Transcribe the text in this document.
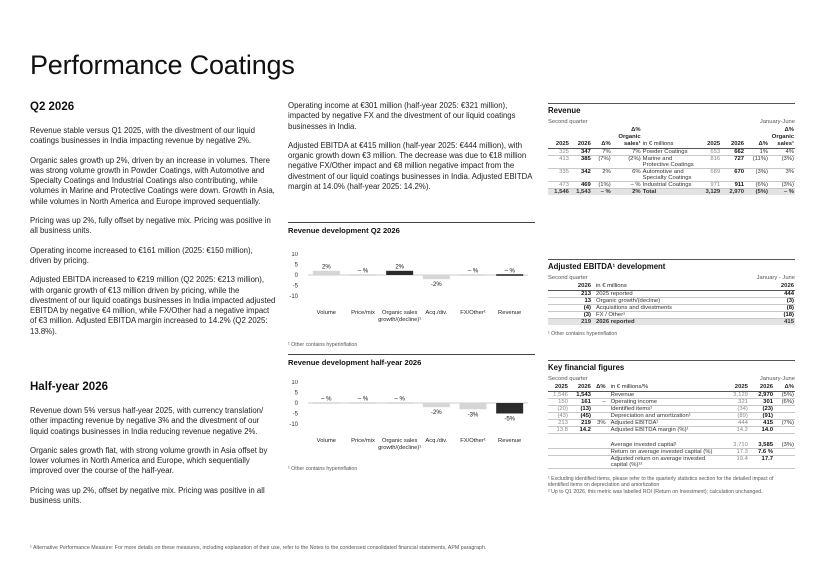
Performance Coatings
Q2 2026

Revenue stable versus Q1 2025, with the divestment of our liquid coatings businesses in India impacting revenue by negative 2%.

Organic sales growth up 2%, driven by an increase in volumes. There was strong volume growth in Powder Coatings, with Automotive and Specialty Coatings and Industrial Coatings also contributing, while volumes in Marine and Protective Coatings were down. Growth in Asia, while volumes in North America and Europe improved sequentially.

Pricing was up 2%, fully offset by negative mix. Pricing was positive in all business units.

Operating income increased to €161 million (2025: €150 million), driven by pricing.

Adjusted EBITDA increased to €219 million (Q2 2025: €213 million), with organic growth of €13 million driven by pricing, while the divestment of our liquid coatings businesses in India impacted adjusted EBITDA by negative €4 million, while FX/Other had a negative impact of €3 million. Adjusted EBITDA margin increased to 14.2% (Q2 2025: 13.8%).

Half-year 2026

Revenue down 5% versus half-year 2025, with currency translation/ other impacting revenue by negative 3% and the divestment of our liquid coatings businesses in India reducing revenue negative 2%.

Organic sales growth flat, with strong volume growth in Asia offset by lower volumes in North America and Europe, which sequentially improved over the course of the half-year.

Pricing was up 2%, offset by negative mix. Pricing was positive in all business units.

Operating income at €301 million (half-year 2025: €321 million), impacted by negative FX and the divestment of our liquid coatings businesses in India.

Adjusted EBITDA at €415 million (half-year 2025: €444 million), with organic growth down €3 million. The decrease was due to €18 million negative FX/Other impact and €8 million negative impact from the divestment of our liquid coatings businesses in India. Adjusted EBITDA margin at 14.0% (half-year 2025: 14.2%).

Revenue development Q2 2026
10
5
0
-5
-10
2%
Volume
– %
Price/mix
2%
Organic sales
growth/(decline)¹
-2%
Acq./div.
– %
FX/Other¹
– %
Revenue
¹ Other contains hyperinflation
Revenue development half-year 2026
10
5
0
-5
-10
– %
Volume
– %
Price/mix
– %
Organic sales
growth/(decline)¹
-2%
Acq./div.
-3%
FX/Other¹
-5%
Revenue
¹ Other contains hyperinflation
Revenue
Second quarter	January-June
2025	2026	Δ%	Δ% Organic sales¹	in € millions	2025	2026	Δ%	Δ% Organic sales¹
325	347	7%	7%	Powder Coatings	653	662	1%	4%
413	385	(7%)	(2%)	Marine and Protective Coatings	816	727	(11%)	(3%)
335	342	2%	6%	Automotive and Specialty Coatings	689	670	(3%)	3%
473	469	(1%)	– %	Industrial Coatings	971	911	(6%)	(3%)
1,546	1,543	– %	2%	Total	3,129	2,970	(5%)	– %
Adjusted EBITDA¹ development
Second quarter	January - June
2026	in € millions	2026
213	2025 reported	444
13	Organic growth/(decline)	(3)
(4)	Acquisitions and divestments	(8)
(3)	FX / Other¹	(18)
219	2026 reported	415
¹ Other contains hyperinflation
Key financial figures
Second quarter	January-June
2025	2026	Δ%	in € millions/%	2025	2026	Δ%
1,546	1,543		Revenue	3,129	2,970	(5%)
150	161	–	Operating income	321	301	(6%)
(20)	(13)		Identified items¹	(34)	(23)	
(43)	(45)		Depreciation and amortization¹	(89)	(91)	
213	219	3%	Adjusted EBITDA¹	444	415	(7%)
13.8	14.2		Adjusted EBITDA margin (%)¹	14.2	14.0	

			Average invested capital¹	3,710	3,585	(3%)
			Return on average invested capital (%)	17.3	7.6 %	
			Adjusted return on average invested capital (%)¹²	19.4	17.7	
¹ Excluding identified items, please refer to the quarterly statistics section for the detailed impact of identified items on depreciation and amortization
² Up to Q1 2026, this metric was labelled ROI (Return on Investment); calculation unchanged.
¹ Alternative Performance Measure: For more details on these measures, including explanation of their use, refer to the Notes to the condensed consolidated financial statements, APM paragraph.
